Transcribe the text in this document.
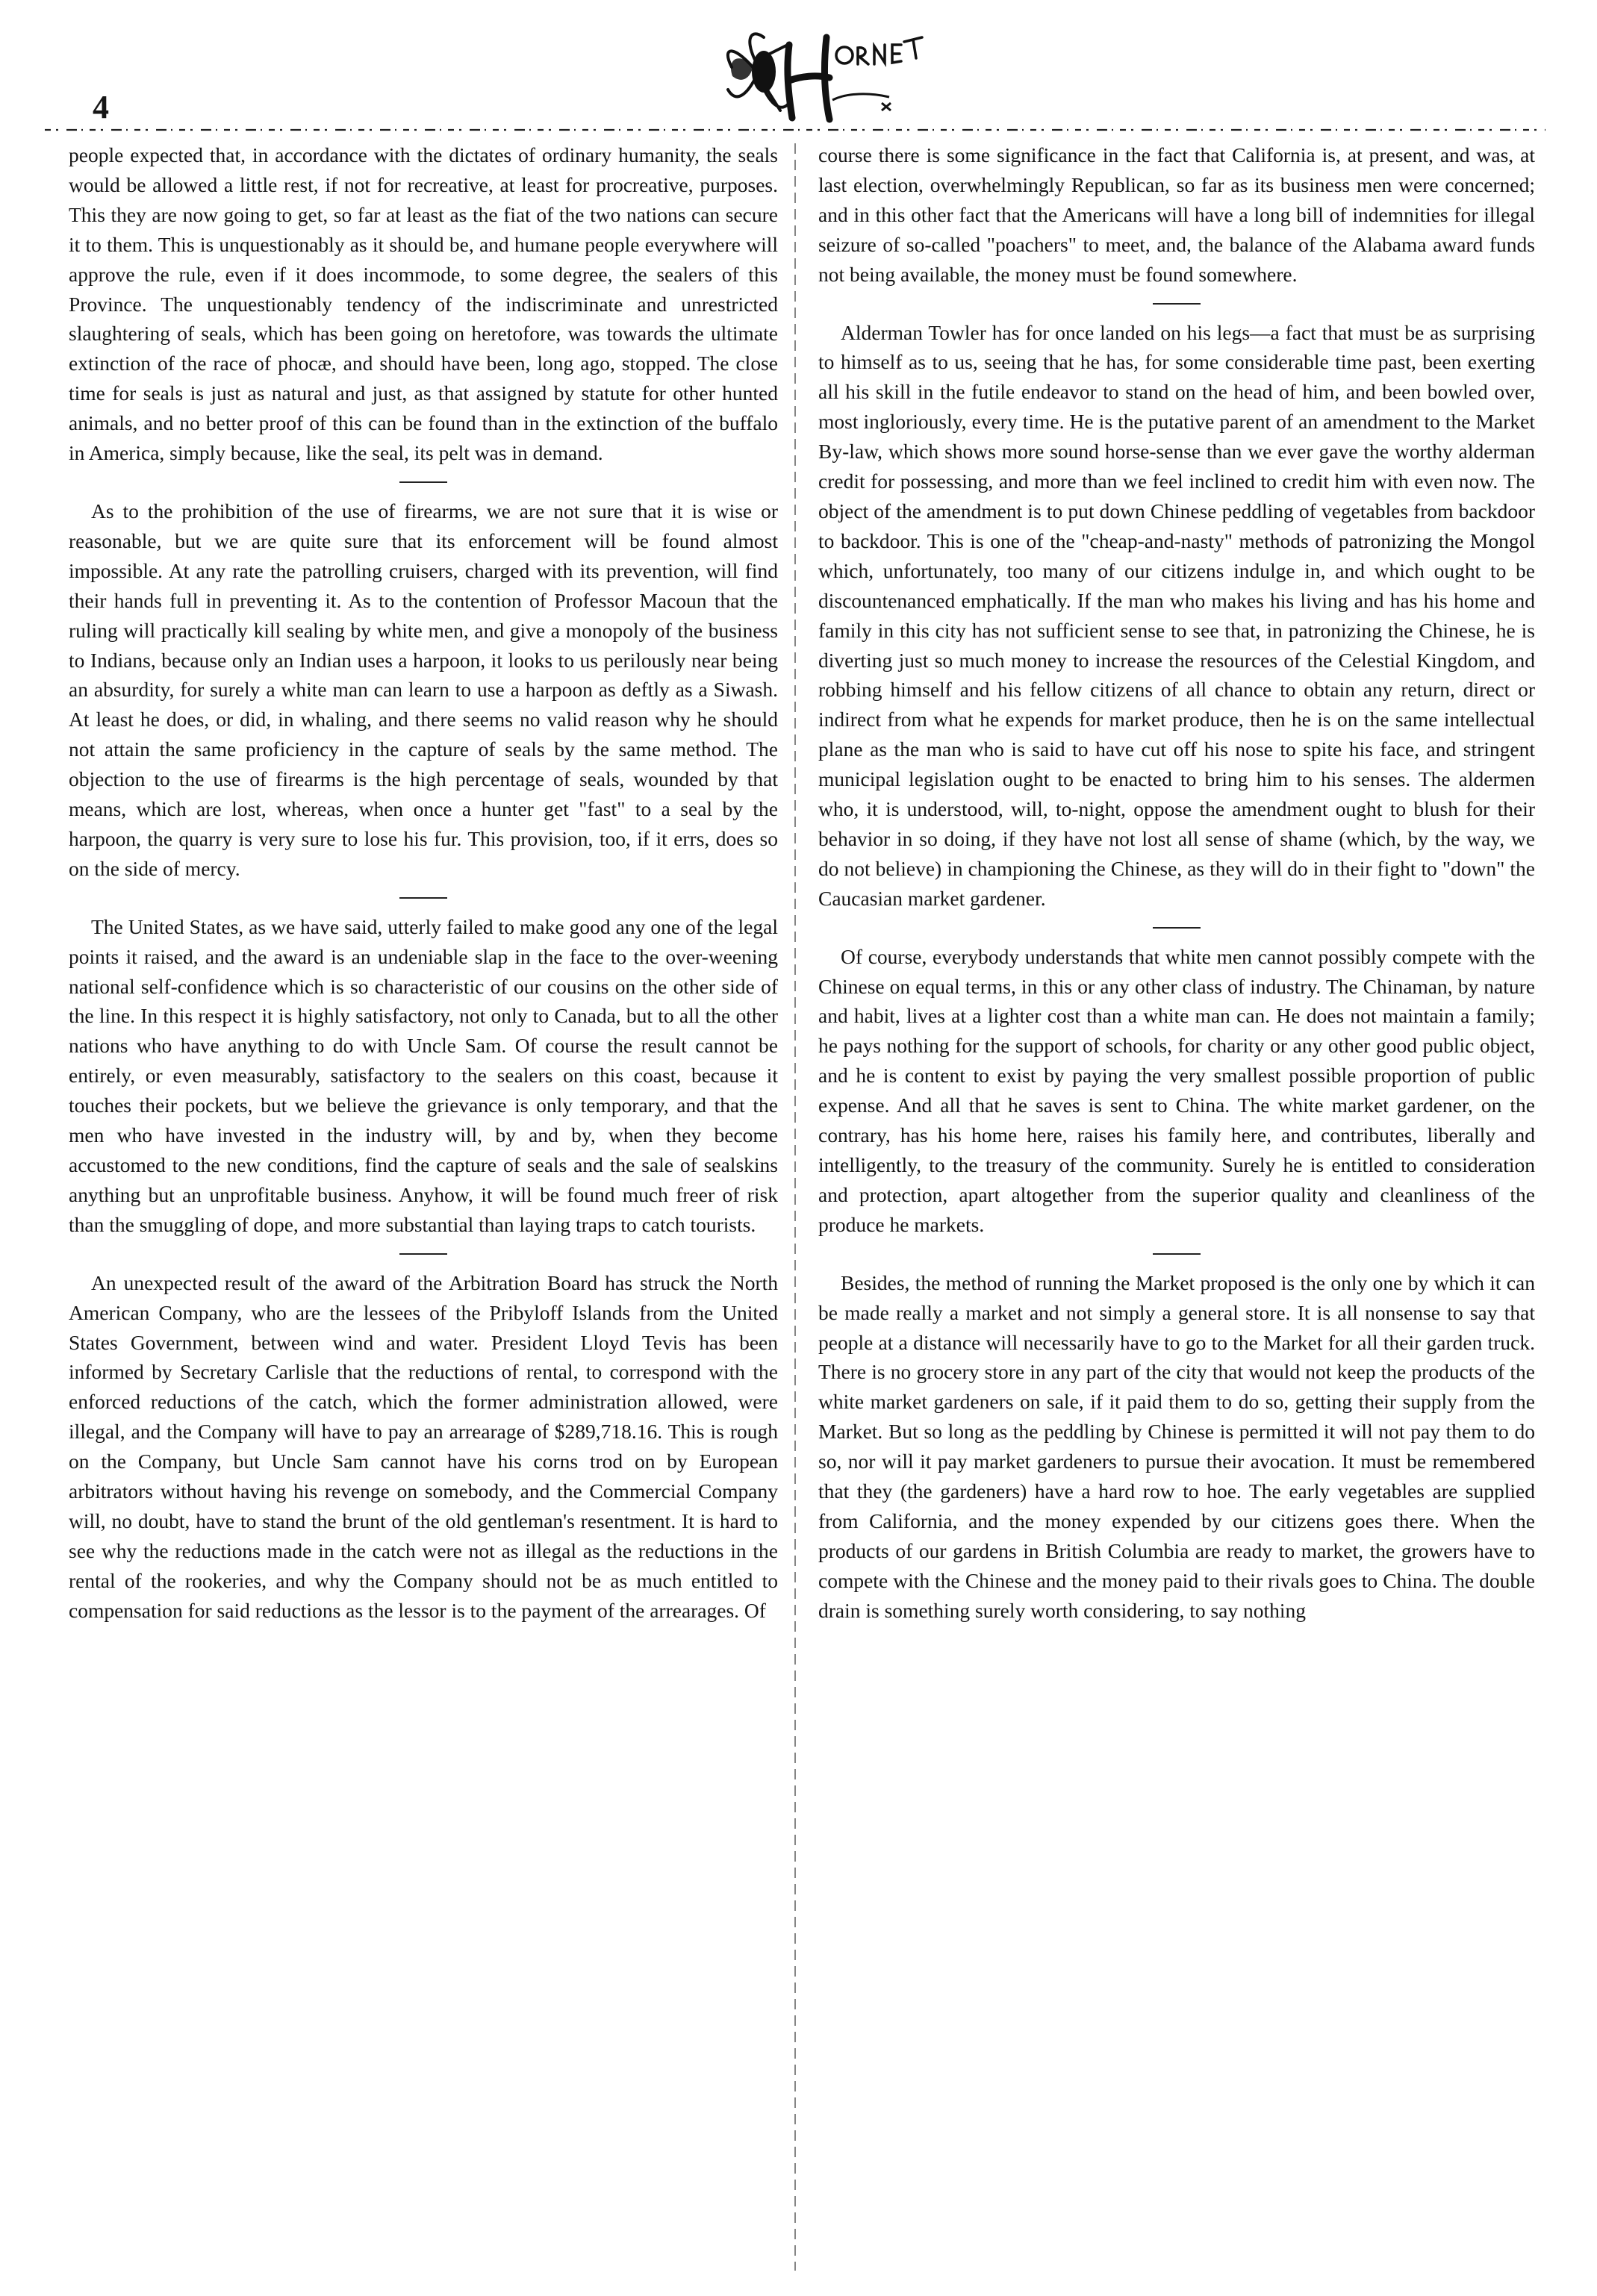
4

people expected that, in accordance with the dictates of ordinary humanity, the seals would be allowed a little rest, if not for recreative, at least for procreative, purposes. This they are now going to get, so far at least as the fiat of the two nations can secure it to them. This is unquestionably as it should be, and humane people everywhere will approve the rule, even if it does incommode, to some degree, the sealers of this Province. The unquestionably tendency of the indiscriminate and unrestricted slaughtering of seals, which has been going on heretofore, was towards the ultimate extinction of the race of phocæ, and should have been, long ago, stopped. The close time for seals is just as natural and just, as that assigned by statute for other hunted animals, and no better proof of this can be found than in the extinction of the buffalo in America, simply because, like the seal, its pelt was in demand.

As to the prohibition of the use of firearms, we are not sure that it is wise or reasonable, but we are quite sure that its enforcement will be found almost impossible. At any rate the patrolling cruisers, charged with its prevention, will find their hands full in preventing it. As to the contention of Professor Macoun that the ruling will practically kill sealing by white men, and give a monopoly of the business to Indians, because only an Indian uses a harpoon, it looks to us perilously near being an absurdity, for surely a white man can learn to use a harpoon as deftly as a Siwash. At least he does, or did, in whaling, and there seems no valid reason why he should not attain the same proficiency in the capture of seals by the same method. The objection to the use of firearms is the high percentage of seals, wounded by that means, which are lost, whereas, when once a hunter get "fast" to a seal by the harpoon, the quarry is very sure to lose his fur. This provision, too, if it errs, does so on the side of mercy.

The United States, as we have said, utterly failed to make good any one of the legal points it raised, and the award is an undeniable slap in the face to the over-weening national self-confidence which is so characteristic of our cousins on the other side of the line. In this respect it is highly satisfactory, not only to Canada, but to all the other nations who have anything to do with Uncle Sam. Of course the result cannot be entirely, or even measurably, satisfactory to the sealers on this coast, because it touches their pockets, but we believe the grievance is only temporary, and that the men who have invested in the industry will, by and by, when they become accustomed to the new conditions, find the capture of seals and the sale of sealskins anything but an unprofitable business. Anyhow, it will be found much freer of risk than the smuggling of dope, and more substantial than laying traps to catch tourists.

An unexpected result of the award of the Arbitration Board has struck the North American Company, who are the lessees of the Pribyloff Islands from the United States Government, between wind and water. President Lloyd Tevis has been informed by Secretary Carlisle that the reductions of rental, to correspond with the enforced reductions of the catch, which the former administration allowed, were illegal, and the Company will have to pay an arrearage of $289,718.16. This is rough on the Company, but Uncle Sam cannot have his corns trod on by European arbitrators without having his revenge on somebody, and the Commercial Company will, no doubt, have to stand the brunt of the old gentleman's resentment. It is hard to see why the reductions made in the catch were not as illegal as the reductions in the rental of the rookeries, and why the Company should not be as much entitled to compensation for said reductions as the lessor is to the payment of the arrearages. Of

course there is some significance in the fact that California is, at present, and was, at last election, overwhelmingly Republican, so far as its business men were concerned; and in this other fact that the Americans will have a long bill of indemnities for illegal seizure of so-called "poachers" to meet, and, the balance of the Alabama award funds not being available, the money must be found somewhere.

Alderman Towler has for once landed on his legs—a fact that must be as surprising to himself as to us, seeing that he has, for some considerable time past, been exerting all his skill in the futile endeavor to stand on the head of him, and been bowled over, most ingloriously, every time. He is the putative parent of an amendment to the Market By-law, which shows more sound horse-sense than we ever gave the worthy alderman credit for possessing, and more than we feel inclined to credit him with even now. The object of the amendment is to put down Chinese peddling of vegetables from backdoor to backdoor. This is one of the "cheap-and-nasty" methods of patronizing the Mongol which, unfortunately, too many of our citizens indulge in, and which ought to be discountenanced emphatically. If the man who makes his living and has his home and family in this city has not sufficient sense to see that, in patronizing the Chinese, he is diverting just so much money to increase the resources of the Celestial Kingdom, and robbing himself and his fellow citizens of all chance to obtain any return, direct or indirect from what he expends for market produce, then he is on the same intellectual plane as the man who is said to have cut off his nose to spite his face, and stringent municipal legislation ought to be enacted to bring him to his senses. The aldermen who, it is understood, will, to-night, oppose the amendment ought to blush for their behavior in so doing, if they have not lost all sense of shame (which, by the way, we do not believe) in championing the Chinese, as they will do in their fight to "down" the Caucasian market gardener.

Of course, everybody understands that white men cannot possibly compete with the Chinese on equal terms, in this or any other class of industry. The Chinaman, by nature and habit, lives at a lighter cost than a white man can. He does not maintain a family; he pays nothing for the support of schools, for charity or any other good public object, and he is content to exist by paying the very smallest possible proportion of public expense. And all that he saves is sent to China. The white market gardener, on the contrary, has his home here, raises his family here, and contributes, liberally and intelligently, to the treasury of the community. Surely he is entitled to consideration and protection, apart altogether from the superior quality and cleanliness of the produce he markets.

Besides, the method of running the Market proposed is the only one by which it can be made really a market and not simply a general store. It is all nonsense to say that people at a distance will necessarily have to go to the Market for all their garden truck. There is no grocery store in any part of the city that would not keep the products of the white market gardeners on sale, if it paid them to do so, getting their supply from the Market. But so long as the peddling by Chinese is permitted it will not pay them to do so, nor will it pay market gardeners to pursue their avocation. It must be remembered that they (the gardeners) have a hard row to hoe. The early vegetables are supplied from California, and the money expended by our citizens goes there. When the products of our gardens in British Columbia are ready to market, the growers have to compete with the Chinese and the money paid to their rivals goes to China. The double drain is something surely worth considering, to say nothing
